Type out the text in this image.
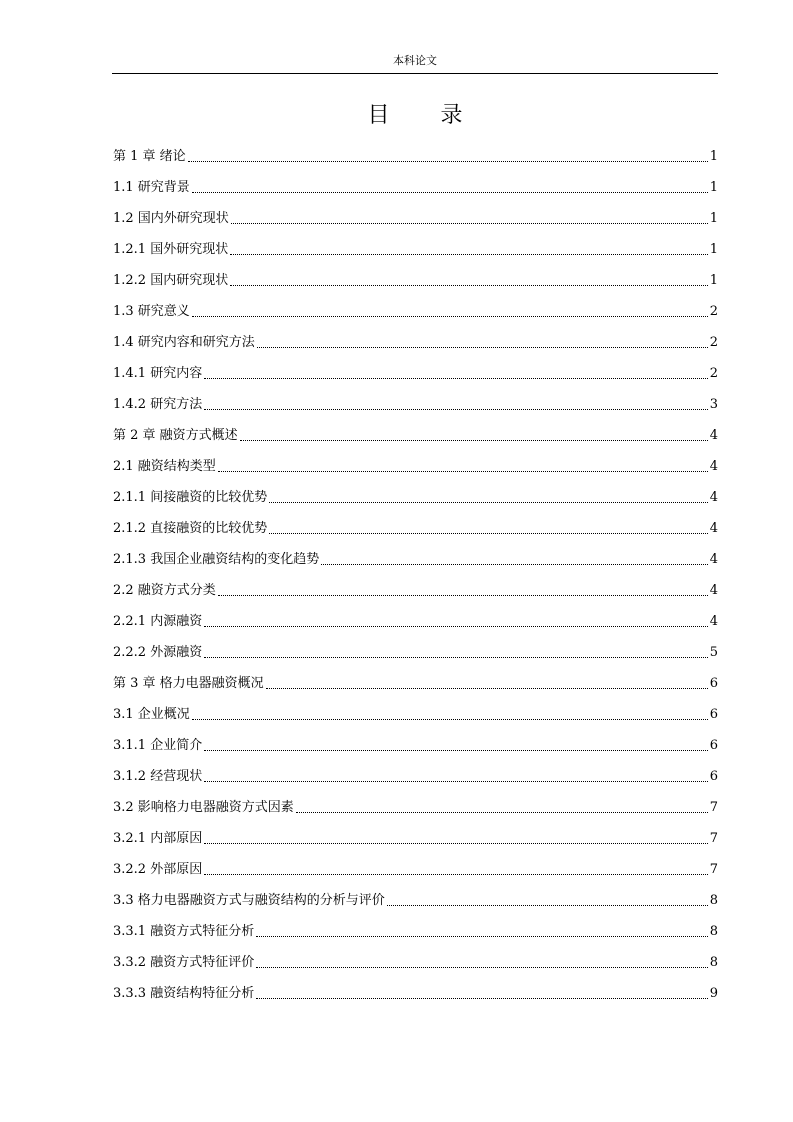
本科论文
目 录
第 1 章 绪论	1
1.1 研究背景	1
1.2 国内外研究现状	1
1.2.1 国外研究现状	1
1.2.2 国内研究现状	1
1.3 研究意义	2
1.4 研究内容和研究方法	2
1.4.1 研究内容	2
1.4.2 研究方法	3
第 2 章 融资方式概述	4
2.1 融资结构类型	4
2.1.1 间接融资的比较优势	4
2.1.2 直接融资的比较优势	4
2.1.3 我国企业融资结构的变化趋势	4
2.2 融资方式分类	4
2.2.1 内源融资	4
2.2.2 外源融资	5
第 3 章 格力电器融资概况	6
3.1 企业概况	6
3.1.1 企业简介	6
3.1.2 经营现状	6
3.2 影响格力电器融资方式因素	7
3.2.1 内部原因	7
3.2.2 外部原因	7
3.3 格力电器融资方式与融资结构的分析与评价	8
3.3.1 融资方式特征分析	8
3.3.2 融资方式特征评价	8
3.3.3 融资结构特征分析	9
